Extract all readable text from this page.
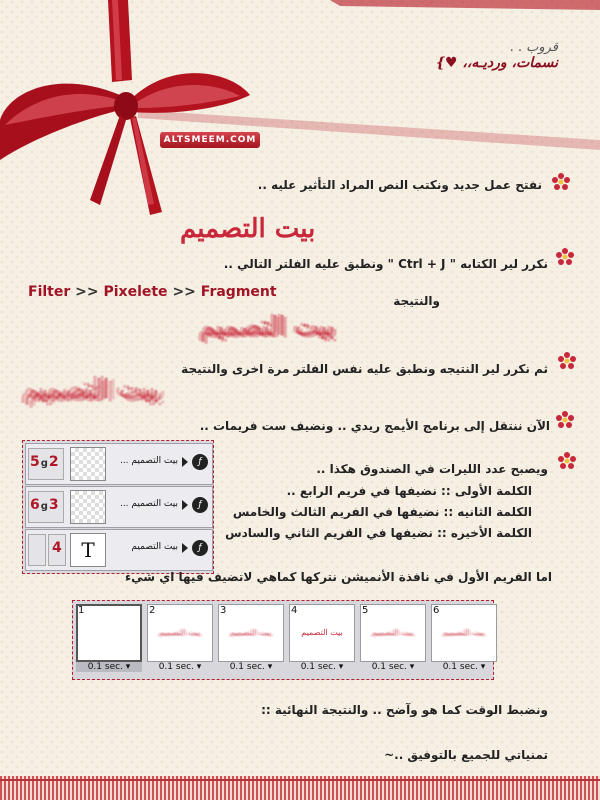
قروب . .
نسمات، ورديـه،، ♥}
ALTSMEEM.COM
نفتح عمل جديد ونكتب النص المراد التأثير عليه ..
بيت التصميم
نكرر لير الكتابه " Ctrl + J " ونطبق عليه الفلتر التالي ..
Filter >> Pixelete >> Fragment
والنتيجة
بيت التصميم
ثم نكرر لير النتيجه ونطبق عليه نفس الفلتر مرة اخرى والنتيجة
بيت التصميم
الآن ننتقل إلى برنامج الأيمج ريدي .. ونضيف ست فريمات ..
ويصبح عدد الليرات في الصندوق هكذا ..
الكلمة الأولى :: نضيفها في فريم الرابع ..
الكلمة الثانيه :: نضيفها في الفريم الثالث والخامس
الكلمة الأخيره :: نضيفها في الفريم الثاني والسادس
5g2	بيت التصميم ...	ƒ
6g3	بيت التصميم ...	ƒ
4 T	بيت التصميم	ƒ
اما الفريم الأول في نافذة الأنميشن نتركها كماهي لاتضيف فيها اي شيء
1
0.1 sec. ▾
2
بيت التصميم
0.1 sec. ▾
3
بيت التصميم
0.1 sec. ▾
4
بيت التصميم
0.1 sec. ▾
5
بيت التصميم
0.1 sec. ▾
6
بيت التصميم
0.1 sec. ▾
ونضبط الوقت كما هو وآضح .. والنتيجة النهائية ::
تمنياتي للجميع بالتوفيق ..~
